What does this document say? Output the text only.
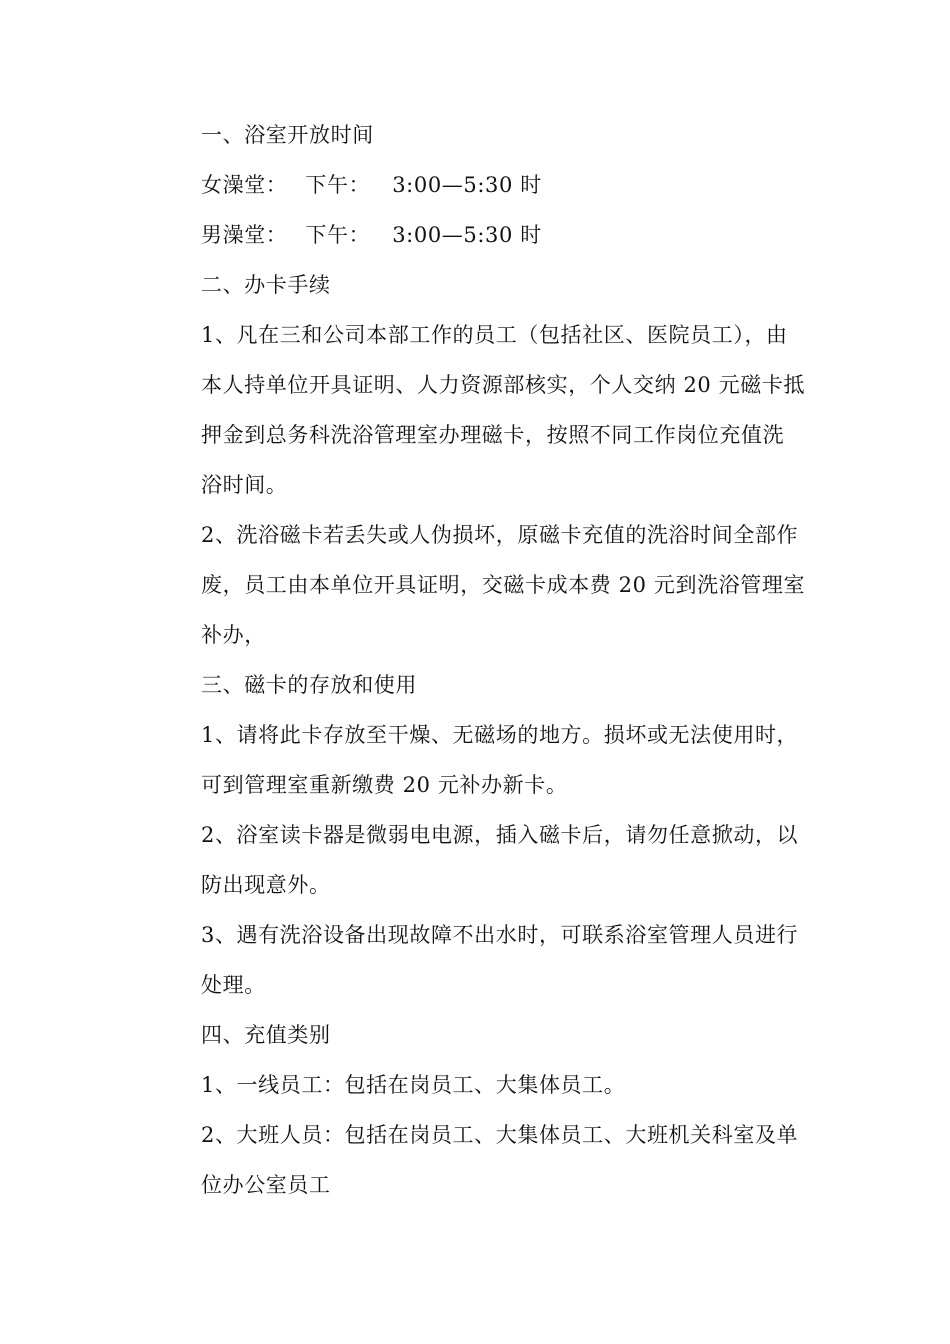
一、浴室开放时间
女澡堂： 下午： 3:00—5:30 时
男澡堂： 下午： 3:00—5:30 时
二、办卡手续
1、凡在三和公司本部工作的员工（包括社区、医院员工），由
本人持单位开具证明、人力资源部核实，个人交纳 20 元磁卡抵
押金到总务科洗浴管理室办理磁卡，按照不同工作岗位充值洗
浴时间。
2、洗浴磁卡若丢失或人伪损坏，原磁卡充值的洗浴时间全部作
废，员工由本单位开具证明，交磁卡成本费 20 元到洗浴管理室
补办，
三、磁卡的存放和使用
1、请将此卡存放至干燥、无磁场的地方。损坏或无法使用时，
可到管理室重新缴费 20 元补办新卡。
2、浴室读卡器是微弱电电源，插入磁卡后，请勿任意掀动，以
防出现意外。
3、遇有洗浴设备出现故障不出水时，可联系浴室管理人员进行
处理。
四、充值类别
1、一线员工：包括在岗员工、大集体员工。
2、大班人员：包括在岗员工、大集体员工、大班机关科室及单
位办公室员工
